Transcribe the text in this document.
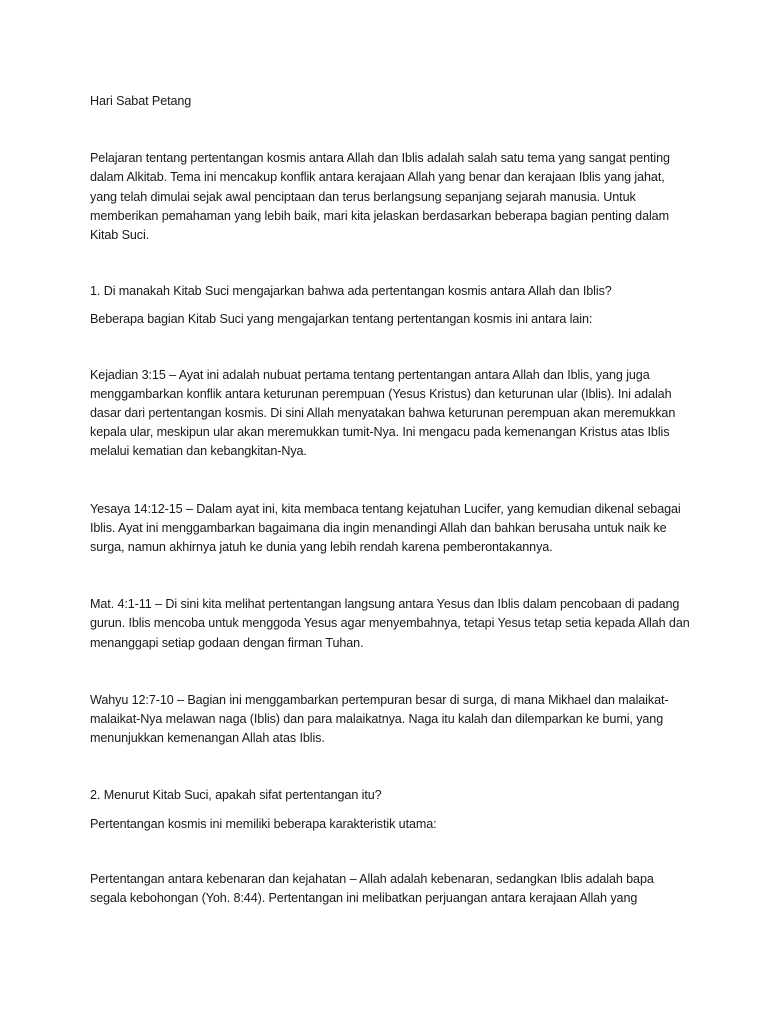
Hari Sabat Petang

Pelajaran tentang pertentangan kosmis antara Allah dan Iblis adalah salah satu tema yang sangat penting dalam Alkitab. Tema ini mencakup konflik antara kerajaan Allah yang benar dan kerajaan Iblis yang jahat, yang telah dimulai sejak awal penciptaan dan terus berlangsung sepanjang sejarah manusia. Untuk memberikan pemahaman yang lebih baik, mari kita jelaskan berdasarkan beberapa bagian penting dalam Kitab Suci.

1. Di manakah Kitab Suci mengajarkan bahwa ada pertentangan kosmis antara Allah dan Iblis?

Beberapa bagian Kitab Suci yang mengajarkan tentang pertentangan kosmis ini antara lain:

Kejadian 3:15 – Ayat ini adalah nubuat pertama tentang pertentangan antara Allah dan Iblis, yang juga menggambarkan konflik antara keturunan perempuan (Yesus Kristus) dan keturunan ular (Iblis). Ini adalah dasar dari pertentangan kosmis. Di sini Allah menyatakan bahwa keturunan perempuan akan meremukkan kepala ular, meskipun ular akan meremukkan tumit-Nya. Ini mengacu pada kemenangan Kristus atas Iblis melalui kematian dan kebangkitan-Nya.

Yesaya 14:12-15 – Dalam ayat ini, kita membaca tentang kejatuhan Lucifer, yang kemudian dikenal sebagai Iblis. Ayat ini menggambarkan bagaimana dia ingin menandingi Allah dan bahkan berusaha untuk naik ke surga, namun akhirnya jatuh ke dunia yang lebih rendah karena pemberontakannya.

Mat. 4:1-11 – Di sini kita melihat pertentangan langsung antara Yesus dan Iblis dalam pencobaan di padang gurun. Iblis mencoba untuk menggoda Yesus agar menyembahnya, tetapi Yesus tetap setia kepada Allah dan menanggapi setiap godaan dengan firman Tuhan.

Wahyu 12:7-10 – Bagian ini menggambarkan pertempuran besar di surga, di mana Mikhael dan malaikat-malaikat-Nya melawan naga (Iblis) dan para malaikatnya. Naga itu kalah dan dilemparkan ke bumi, yang menunjukkan kemenangan Allah atas Iblis.

2. Menurut Kitab Suci, apakah sifat pertentangan itu?

Pertentangan kosmis ini memiliki beberapa karakteristik utama:

Pertentangan antara kebenaran dan kejahatan – Allah adalah kebenaran, sedangkan Iblis adalah bapa segala kebohongan (Yoh. 8:44). Pertentangan ini melibatkan perjuangan antara kerajaan Allah yang
